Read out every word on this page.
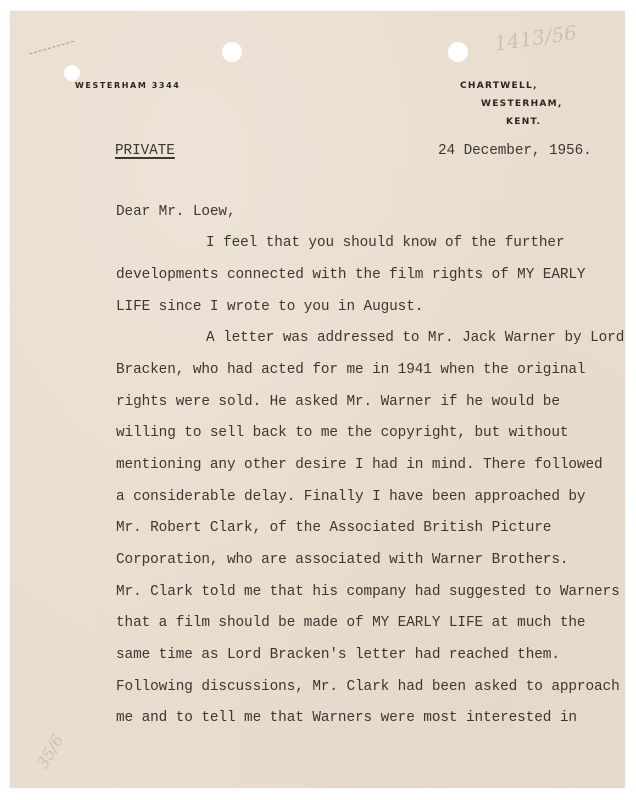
1413/56
35/6
WESTERHAM 3344	CHARTWELL,
WESTERHAM,
KENT.
PRIVATE	24 December, 1956.
Dear Mr. Loew,
I feel that you should know of the further
developments connected with the film rights of MY EARLY
LIFE since I wrote to you in August.
A letter was addressed to Mr. Jack Warner by Lord
Bracken, who had acted for me in 1941 when the original
rights were sold. He asked Mr. Warner if he would be
willing to sell back to me the copyright, but without
mentioning any other desire I had in mind. There followed
a considerable delay. Finally I have been approached by
Mr. Robert Clark, of the Associated British Picture
Corporation, who are associated with Warner Brothers.
Mr. Clark told me that his company had suggested to Warners
that a film should be made of MY EARLY LIFE at much the
same time as Lord Bracken's letter had reached them.
Following discussions, Mr. Clark had been asked to approach
me and to tell me that Warners were most interested in
